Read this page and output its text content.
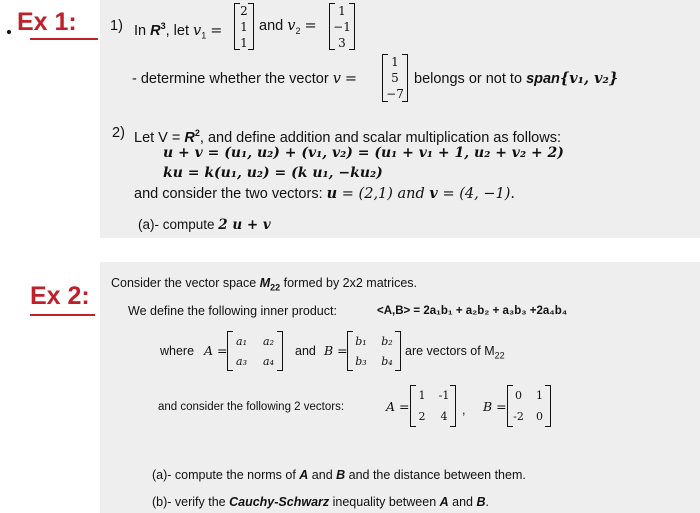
Ex 1: 1) In $R^3$, let $v_1$ =
2
1
1
and $v_2$ =
1
−1
3
- determine whether the vector v =
1
5
−7
belongs or not to span{v₁, v₂}
2) Let $V = R^2$, and define addition and scalar multiplication as follows:
u + v = (u₁, u₂) + (v₁, v₂) = (u₁ + v₁ + 1, u₂ + v₂ + 2)
ku = k(u₁, u₂) = (k u₁, −ku₂)
and consider the two vectors: u = (2,1) and v = (4, −1).
(a)- compute 2 u + v
Ex 2: Consider the vector space $M_{22}$ formed by 2x2 matrices.
We define the following inner product:	<A,B> = 2a₁b₁ + a₂b₂ + a₃b₃ +2a₄b₄
where A =
a₁ a₂
a₃ a₄
and B =
b₁ b₂
b₃ b₄
are vectors of $M_{22}$
and consider the following 2 vectors:	A =
1 -1
2 4 , B =
0 1
-2 0
(a)- compute the norms of A and B and the distance between them.
(b)- verify the Cauchy-Schwarz inequality between A and B.
